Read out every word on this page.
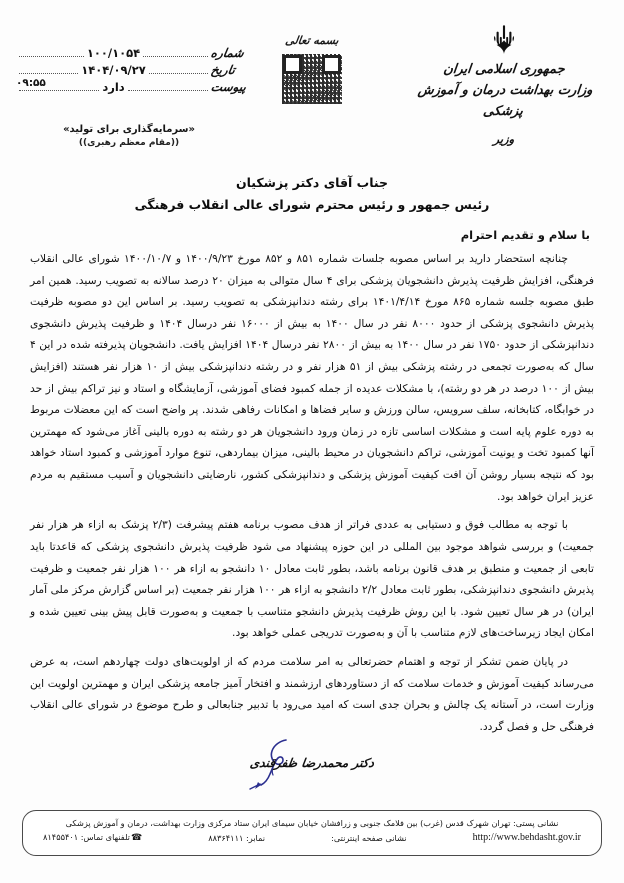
جمهوری اسلامی ایران
وزارت بهداشت درمان و آموزش پزشکی
وزیر
بسمه تعالی
شماره
۱۰۰/۱۰۵۴
تاریخ
۱۴۰۴/۰۹/۲۷
پیوست
دارد
۰۹:۵۵
«سرمایه‌گذاری برای تولید»
((مقام معظم رهبری))
جناب آقای دکتر پزشکیان
رئیس جمهور و رئیس محترم شورای عالی انقلاب فرهنگی
با سلام و تقدیم احترام

چنانچه استحضار دارید بر اساس مصوبه جلسات شماره ۸۵۱ و ۸۵۲ مورخ ۱۴۰۰/۹/۲۳ و ۱۴۰۰/۱۰/۷ شورای عالی انقلاب فرهنگی، افزایش ظرفیت پذیرش دانشجویان پزشکی برای ۴ سال متوالی به میزان ۲۰ درصد سالانه به تصویب رسید. همین امر طبق مصوبه جلسه شماره ۸۶۵ مورخ ۱۴۰۱/۴/۱۴ برای رشته دندانپزشکی به تصویب رسید. بر اساس این دو مصوبه ظرفیت پذیرش دانشجوی پزشکی از حدود ۸۰۰۰ نفر در سال ۱۴۰۰ به بیش از ۱۶۰۰۰ نفر درسال ۱۴۰۴ و ظرفیت پذیرش دانشجوی دندانپزشکی از حدود ۱۷۵۰ نفر در سال ۱۴۰۰ به بیش از ۲۸۰۰ نفر درسال ۱۴۰۴ افزایش یافت. دانشجویان پذیرفته شده در این ۴ سال که به‌صورت تجمعی در رشته پزشکی بیش از ۵۱ هزار نفر و در رشته دندانپزشکی بیش از ۱۰ هزار نفر هستند (افزایش بیش از ۱۰۰ درصد در هر دو رشته)، با مشکلات عدیده از جمله کمبود فضای آموزشی، آزمایشگاه و استاد و نیز تراکم بیش از حد در خوابگاه، کتابخانه، سلف سرویس، سالن ورزش و سایر فضاها و امکانات رفاهی شدند. پر واضح است که این معضلات مربوط به دوره علوم پایه است و مشکلات اساسی تازه در زمان ورود دانشجویان هر دو رشته به دوره بالینی آغاز می‌شود که مهمترین آنها کمبود تخت و یونیت آموزشی، تراکم دانشجویان در محیط بالینی، میزان بیمار‌دهی، تنوع موارد آموزشی و کمبود استاد خواهد بود که نتیجه بسیار روشن آن افت کیفیت آموزش پزشکی و دندانپزشکی کشور، نارضایتی دانشجویان و آسیب مستقیم به مردم عزیز ایران خواهد بود.

با توجه به مطالب فوق و دستیابی به عددی فراتر از هدف مصوب برنامه هفتم پیشرفت (۲/۳ پزشک به ازاء هر هزار نفر جمعیت) و بررسی شواهد موجود بین المللی در این حوزه پیشنهاد می شود ظرفیت پذیرش دانشجوی پزشکی که قاعدتا باید تابعی از جمعیت و منطبق بر هدف قانون برنامه باشد، بطور ثابت معادل ۱۰ دانشجو به ازاء هر ۱۰۰ هزار نفر جمعیت و ظرفیت پذیرش دانشجوی دندانپزشکی، بطور ثابت معادل ۲/۲ دانشجو به ازاء هر ۱۰۰ هزار نفر جمعیت (بر اساس گزارش مرکز ملی آمار ایران) در هر سال تعیین شود. با این روش ظرفیت پذیرش دانشجو متناسب با جمعیت و به‌صورت قابل پیش بینی تعیین شده و امکان ایجاد زیرساخت‌های لازم متناسب با آن و به‌صورت تدریجی عملی خواهد بود.

در پایان ضمن تشکر از توجه و اهتمام حضرتعالی به امر سلامت مردم که از اولویت‌های دولت چهاردهم است، به عرض می‌رساند کیفیت آموزش و خدمات سلامت که از دستاوردهای ارزشمند و افتخار آمیز جامعه پزشکی ایران و مهمترین اولویت این وزارت است، در آستانه یک چالش و بحران جدی است که امید می‌رود با تدبیر جنابعالی و طرح موضوع در شورای عالی انقلاب فرهنگی حل و فصل گردد.

دکتر محمدرضا ظفرقندی
نشانی پستی: تهران شهرک قدس (غرب) بین فلامک جنوبی و زرافشان خیابان سیمای ایران ستاد مرکزی وزارت بهداشت، درمان و آموزش پزشکی
http://www.behdasht.gov.ir
نشانی صفحه اینترنتی:
نمابر: ۸۸۳۶۴۱۱۱
☎تلفنهای تماس: ۸۱۴۵۵۴۰۱
